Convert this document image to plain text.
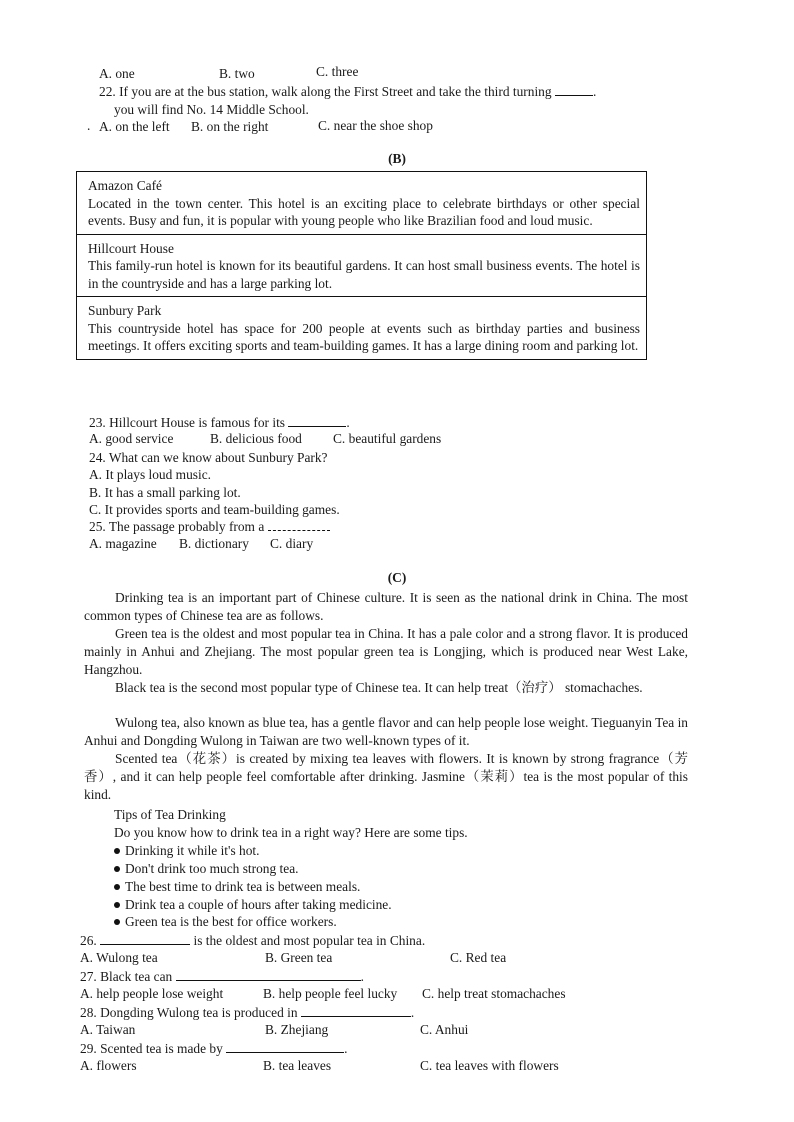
A. one	B. two	C. three
22. If you are at the bus station, walk along the First Street and take the third turning	.
you will find No. 14 Middle School.
. A. on the left B. on the right	C. near the shoe shop
(B)
Amazon Café
Located in the town center. This hotel is an exciting place to celebrate birthdays or other special events. Busy and fun, it is popular with young people who like Brazilian food and loud music.
Hillcourt House
This family-run hotel is known for its beautiful gardens. It can host small business events. The hotel is in the countryside and has a large parking lot.
Sunbury Park
This countryside hotel has space for 200 people at events such as birthday parties and business meetings. It offers exciting sports and team-building games. It has a large dining room and parking lot.
23. Hillcourt House is famous for its	.
A. good service	B. delicious food C. beautiful gardens
24. What can we know about Sunbury Park?
A. It plays loud music.
B. It has a small parking lot.
C. It provides sports and team-building games.
25. The passage probably from a
A. magazine B. dictionary C. diary
(C)
Drinking tea is an important part of Chinese culture. It is seen as the national drink in China. The most common types of Chinese tea are as follows.
Green tea is the oldest and most popular tea in China. It has a pale color and a strong flavor. It is produced mainly in Anhui and Zhejiang. The most popular green tea is Longjing, which is produced near West Lake, Hangzhou.
Black tea is the second most popular type of Chinese tea. It can help treat（治疗） stomachaches.
Wulong tea, also known as blue tea, has a gentle flavor and can help people lose weight. Tieguanyin Tea in Anhui and Dongding Wulong in Taiwan are two well-known types of it.
Scented tea（花茶）is created by mixing tea leaves with flowers. It is known by strong fragrance（芳香）, and it can help people feel comfortable after drinking. Jasmine（茉莉）tea is the most popular of this kind.
Tips of Tea Drinking
Do you know how to drink tea in a right way? Here are some tips.
Drinking it while it's hot.
Don't drink too much strong tea.
The best time to drink tea is between meals.
Drink tea a couple of hours after taking medicine.
Green tea is the best for office workers.
26.	is the oldest and most popular tea in China.
A. Wulong tea	B. Green tea	C. Red tea
27. Black tea can	.
A. help people lose weight	B. help people feel lucky C. help treat stomachaches
28. Dongding Wulong tea is produced in	.
A. Taiwan	B. Zhejiang	C. Anhui
29. Scented tea is made by	.
A. flowers	B. tea leaves	C. tea leaves with flowers
